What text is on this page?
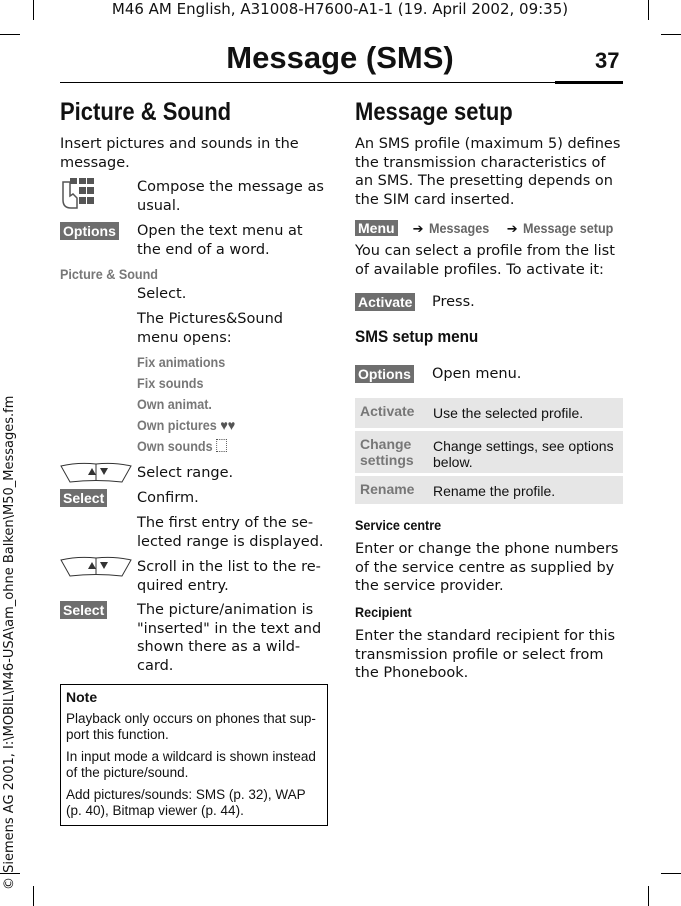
M46 AM English, A31008-H7600-A1-1 (19. April 2002, 09:35)
Message (SMS)	37
© Siemens AG 2001, I:\MOBIL\M46-USA\am_ohne Balken\M50_Messages.fm
Picture & Sound
Insert pictures and sounds in the message.
Compose the message as usual.
Options Open the text menu at the end of a word.
Picture & Sound
Select.
The Pictures&Sound menu opens:
Fix animations
Fix sounds
Own animat.
Own pictures ♥♥
Own sounds
Select range.
Select Confirm.
The first entry of the se-lected range is displayed.
Scroll in the list to the re-quired entry.
Select The picture/animation is "inserted" in the text and shown there as a wild-card.
Note
Playback only occurs on phones that sup-port this function.
In input mode a wildcard is shown instead of the picture/sound.
Add pictures/sounds: SMS (p. 32), WAP (p. 40), Bitmap viewer (p. 44).
Message setup
An SMS profile (maximum 5) defines the transmission characteristics of an SMS. The presetting depends on the SIM card inserted.
Menu ➔ Messages ➔ Message setup
You can select a profile from the list of available profiles. To activate it:
Activate Press.
SMS setup menu
Options Open menu.
Activate Use the selected profile.
Change settings
Change settings, see options below.
Rename Rename the profile.
Service centre
Enter or change the phone numbers of the service centre as supplied by the service provider.
Recipient
Enter the standard recipient for this transmission profile or select from the Phonebook.
